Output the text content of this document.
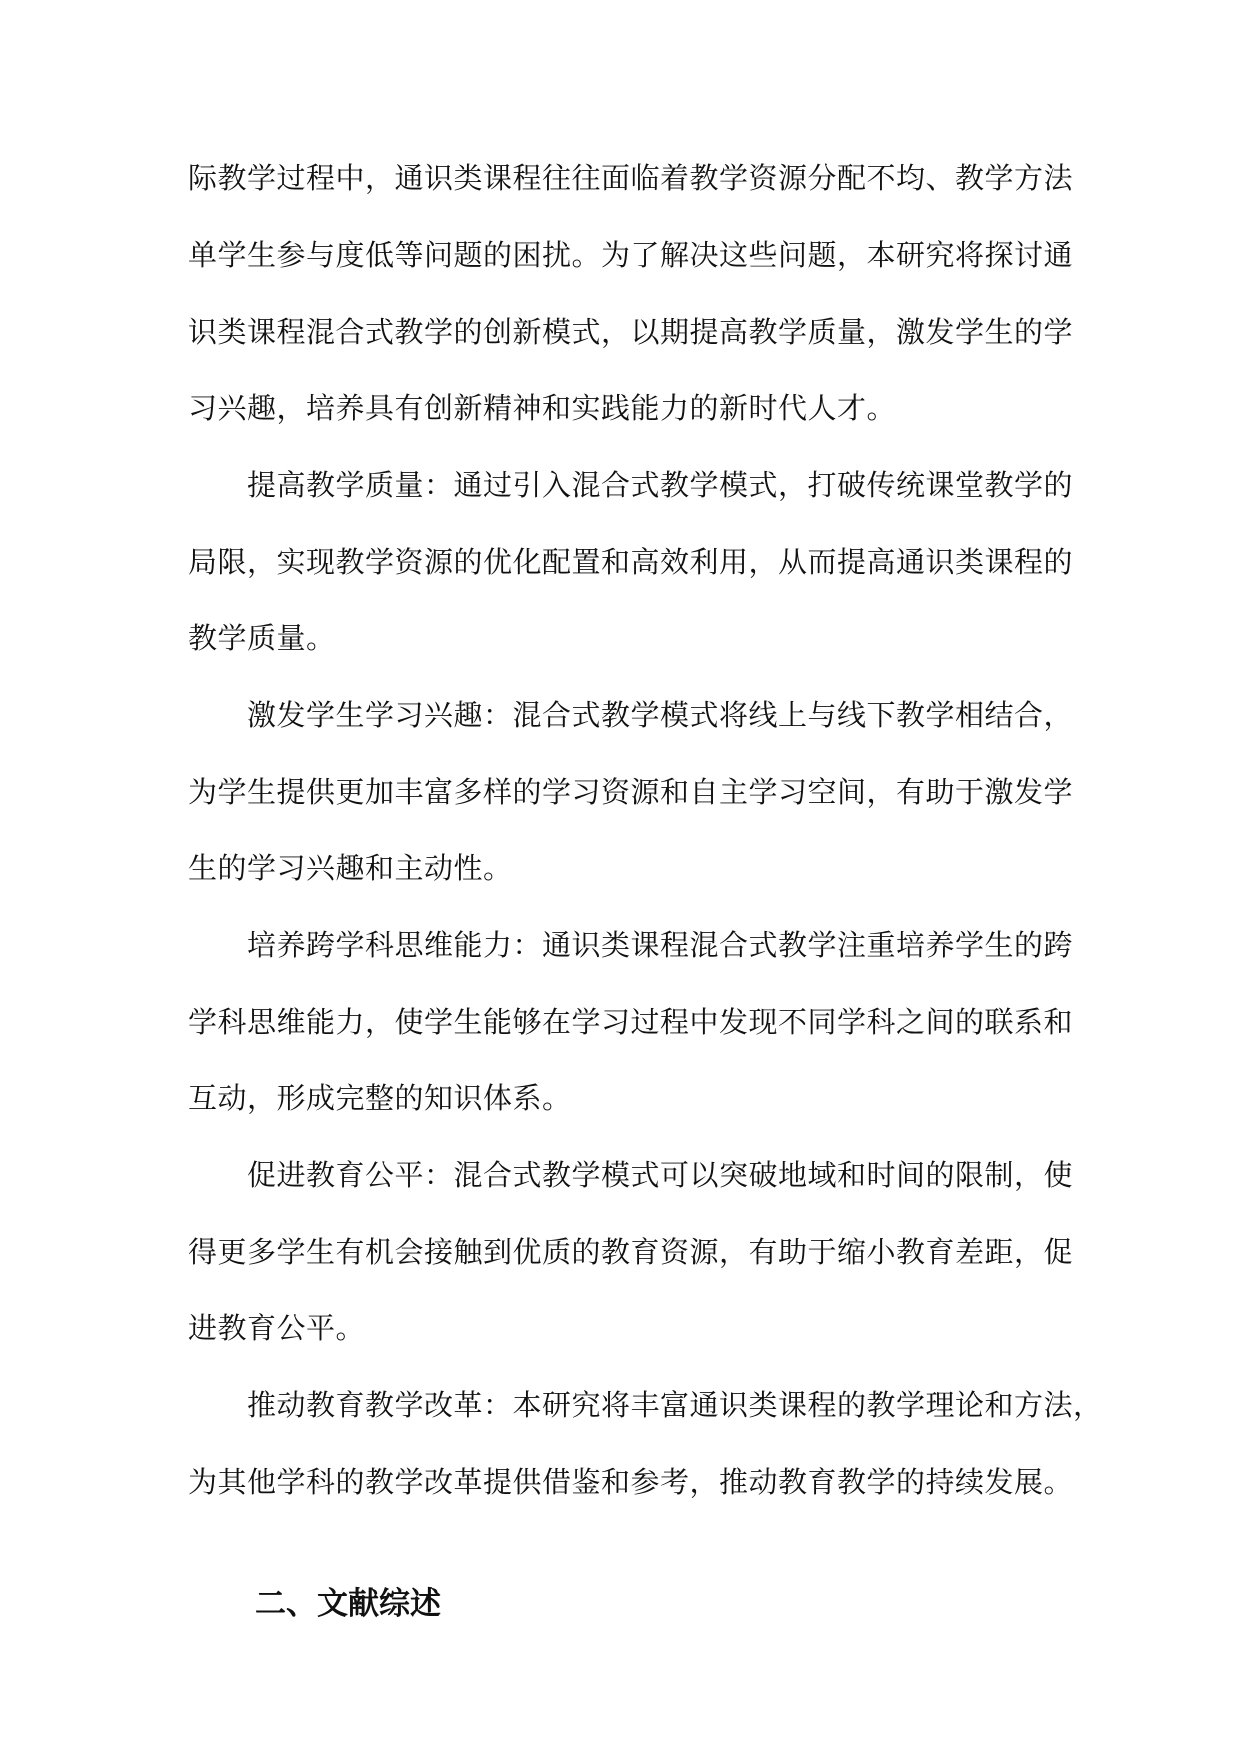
际教学过程中，通识类课程往往面临着教学资源分配不均、教学方法
单学生参与度低等问题的困扰。为了解决这些问题，本研究将探讨通
识类课程混合式教学的创新模式，以期提高教学质量，激发学生的学
习兴趣，培养具有创新精神和实践能力的新时代人才。
提高教学质量：通过引入混合式教学模式，打破传统课堂教学的
局限，实现教学资源的优化配置和高效利用，从而提高通识类课程的
教学质量。
激发学生学习兴趣：混合式教学模式将线上与线下教学相结合，
为学生提供更加丰富多样的学习资源和自主学习空间，有助于激发学
生的学习兴趣和主动性。
培养跨学科思维能力：通识类课程混合式教学注重培养学生的跨
学科思维能力，使学生能够在学习过程中发现不同学科之间的联系和
互动，形成完整的知识体系。
促进教育公平：混合式教学模式可以突破地域和时间的限制，使
得更多学生有机会接触到优质的教育资源，有助于缩小教育差距，促
进教育公平。
推动教育教学改革：本研究将丰富通识类课程的教学理论和方法，
为其他学科的教学改革提供借鉴和参考，推动教育教学的持续发展。
二、文献综述
